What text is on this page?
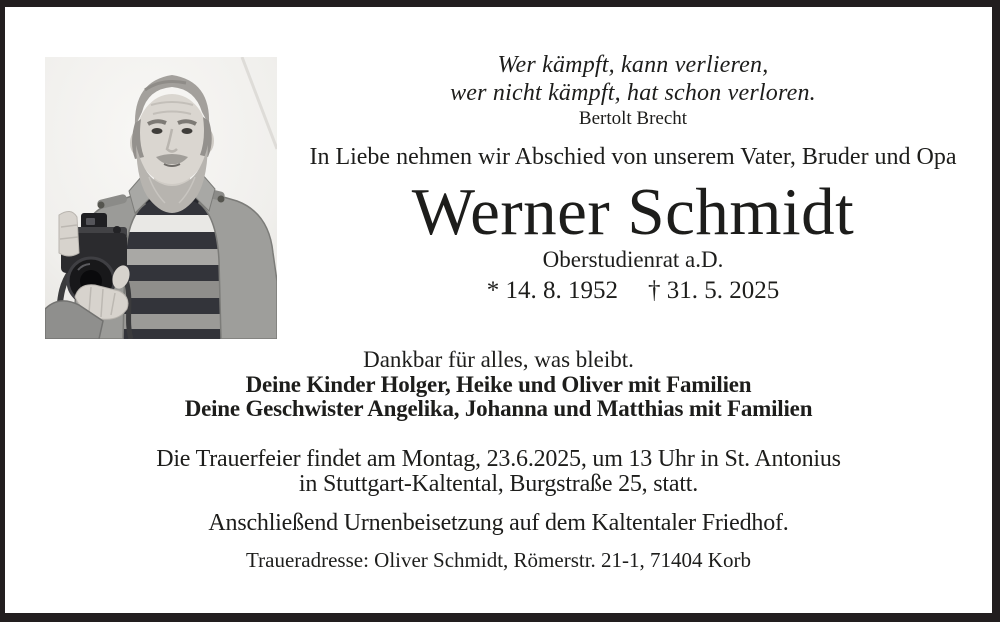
Wer kämpft, kann verlieren,
wer nicht kämpft, hat schon verloren.
Bertolt Brecht
In Liebe nehmen wir Abschied von unserem Vater, Bruder und Opa
Werner Schmidt
Oberstudienrat a.D.
* 14. 8. 1952 † 31. 5. 2025
Dankbar für alles, was bleibt.
Deine Kinder Holger, Heike und Oliver mit Familien
Deine Geschwister Angelika, Johanna und Matthias mit Familien
Die Trauerfeier findet am Montag, 23.6.2025, um 13 Uhr in St. Antonius
in Stuttgart-Kaltental, Burgstraße 25, statt.
Anschließend Urnenbeisetzung auf dem Kaltentaler Friedhof.
Traueradresse: Oliver Schmidt, Römerstr. 21-1, 71404 Korb
